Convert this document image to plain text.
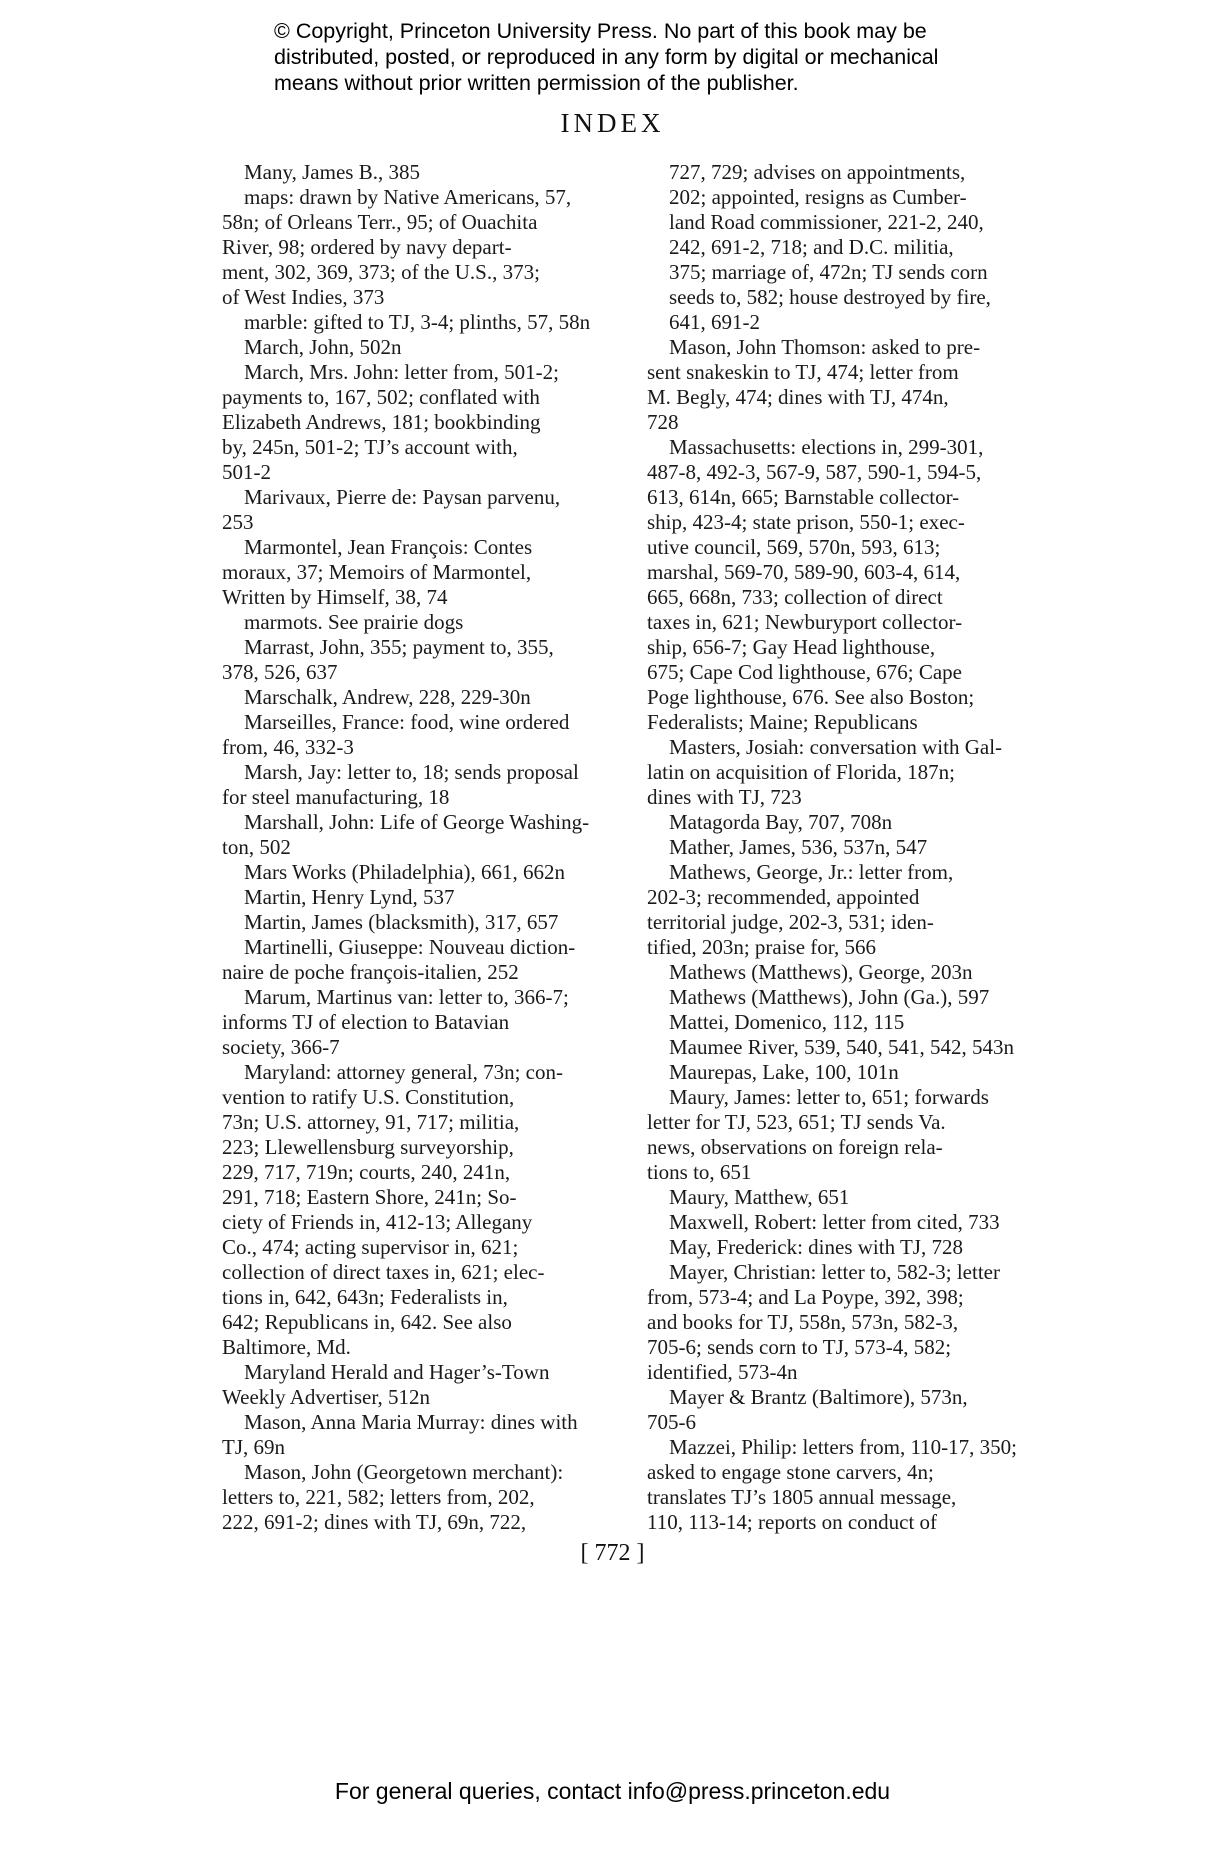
© Copyright, Princeton University Press. No part of this book may be
distributed, posted, or reproduced in any form by digital or mechanical
means without prior written permission of the publisher.
INDEX
Many, James B., 385
maps: drawn by Native Americans, 57,
58n; of Orleans Terr., 95; of Ouachita
River, 98; ordered by navy depart-
ment, 302, 369, 373; of the U.S., 373;
of West Indies, 373
marble: gifted to TJ, 3-4; plinths, 57, 58n
March, John, 502n
March, Mrs. John: letter from, 501-2;
payments to, 167, 502; conflated with
Elizabeth Andrews, 181; bookbinding
by, 245n, 501-2; TJ’s account with,
501-2
Marivaux, Pierre de: Paysan parvenu,
253
Marmontel, Jean François: Contes
moraux, 37; Memoirs of Marmontel,
Written by Himself, 38, 74
marmots. See prairie dogs
Marrast, John, 355; payment to, 355,
378, 526, 637
Marschalk, Andrew, 228, 229-30n
Marseilles, France: food, wine ordered
from, 46, 332-3
Marsh, Jay: letter to, 18; sends proposal
for steel manufacturing, 18
Marshall, John: Life of George Washing-
ton, 502
Mars Works (Philadelphia), 661, 662n
Martin, Henry Lynd, 537
Martin, James (blacksmith), 317, 657
Martinelli, Giuseppe: Nouveau diction-
naire de poche françois-italien, 252
Marum, Martinus van: letter to, 366-7;
informs TJ of election to Batavian
society, 366-7
Maryland: attorney general, 73n; con-
vention to ratify U.S. Constitution,
73n; U.S. attorney, 91, 717; militia,
223; Llewellensburg surveyorship,
229, 717, 719n; courts, 240, 241n,
291, 718; Eastern Shore, 241n; So-
ciety of Friends in, 412-13; Allegany
Co., 474; acting supervisor in, 621;
collection of direct taxes in, 621; elec-
tions in, 642, 643n; Federalists in,
642; Republicans in, 642. See also
Baltimore, Md.
Maryland Herald and Hager’s-Town
Weekly Advertiser, 512n
Mason, Anna Maria Murray: dines with
TJ, 69n
Mason, John (Georgetown merchant):
letters to, 221, 582; letters from, 202,
222, 691-2; dines with TJ, 69n, 722,
727, 729; advises on appointments,
202; appointed, resigns as Cumber-
land Road commissioner, 221-2, 240,
242, 691-2, 718; and D.C. militia,
375; marriage of, 472n; TJ sends corn
seeds to, 582; house destroyed by fire,
641, 691-2
Mason, John Thomson: asked to pre-
sent snakeskin to TJ, 474; letter from
M. Begly, 474; dines with TJ, 474n,
728
Massachusetts: elections in, 299-301,
487-8, 492-3, 567-9, 587, 590-1, 594-5,
613, 614n, 665; Barnstable collector-
ship, 423-4; state prison, 550-1; exec-
utive council, 569, 570n, 593, 613;
marshal, 569-70, 589-90, 603-4, 614,
665, 668n, 733; collection of direct
taxes in, 621; Newburyport collector-
ship, 656-7; Gay Head lighthouse,
675; Cape Cod lighthouse, 676; Cape
Poge lighthouse, 676. See also Boston;
Federalists; Maine; Republicans
Masters, Josiah: conversation with Gal-
latin on acquisition of Florida, 187n;
dines with TJ, 723
Matagorda Bay, 707, 708n
Mather, James, 536, 537n, 547
Mathews, George, Jr.: letter from,
202-3; recommended, appointed
territorial judge, 202-3, 531; iden-
tified, 203n; praise for, 566
Mathews (Matthews), George, 203n
Mathews (Matthews), John (Ga.), 597
Mattei, Domenico, 112, 115
Maumee River, 539, 540, 541, 542, 543n
Maurepas, Lake, 100, 101n
Maury, James: letter to, 651; forwards
letter for TJ, 523, 651; TJ sends Va.
news, observations on foreign rela-
tions to, 651
Maury, Matthew, 651
Maxwell, Robert: letter from cited, 733
May, Frederick: dines with TJ, 728
Mayer, Christian: letter to, 582-3; letter
from, 573-4; and La Poype, 392, 398;
and books for TJ, 558n, 573n, 582-3,
705-6; sends corn to TJ, 573-4, 582;
identified, 573-4n
Mayer & Brantz (Baltimore), 573n,
705-6
Mazzei, Philip: letters from, 110-17, 350;
asked to engage stone carvers, 4n;
translates TJ’s 1805 annual message,
110, 113-14; reports on conduct of
[ 772 ]
For general queries, contact info@press.princeton.edu
